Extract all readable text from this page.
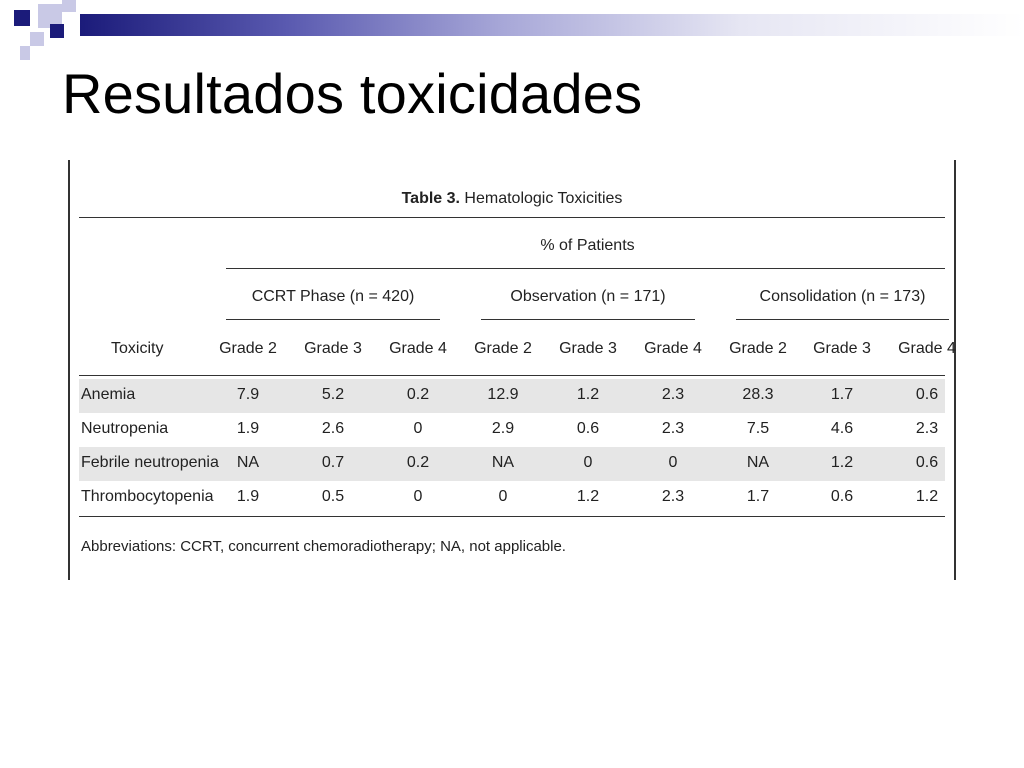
Resultados toxicidades
Table 3. Hematologic Toxicities
% of Patients
CCRT Phase (n = 420)	Observation (n = 171)	Consolidation (n = 173)
Toxicity	Grade 2	Grade 3	Grade 4	Grade 2	Grade 3	Grade 4	Grade 2	Grade 3	Grade 4
Anemia	7.9	5.2	0.2	12.9	1.2	2.3	28.3	1.7	0.6
Neutropenia	1.9	2.6	0	2.9	0.6	2.3	7.5	4.6	2.3
Febrile neutropenia	NA	0.7	0.2	NA	0	0	NA	1.2	0.6
Thrombocytopenia	1.9	0.5	0	0	1.2	2.3	1.7	0.6	1.2
Abbreviations: CCRT, concurrent chemoradiotherapy; NA, not applicable.
